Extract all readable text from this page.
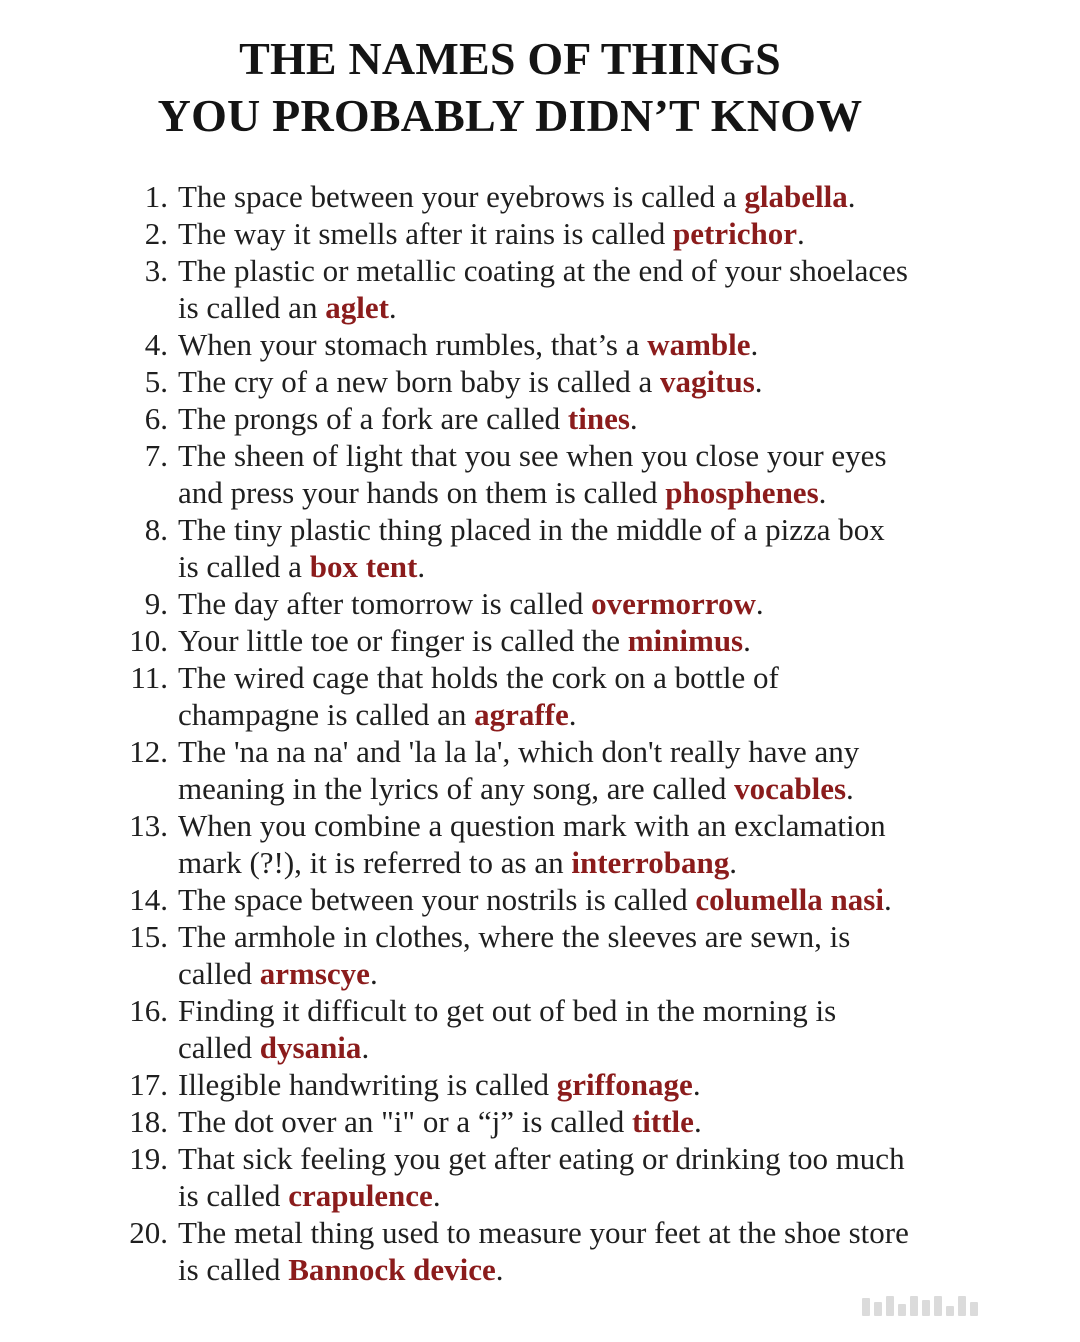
THE NAMES OF THINGS
YOU PROBABLY DIDN’T KNOW
1. The space between your eyebrows is called a glabella.
2. The way it smells after it rains is called petrichor.
3. The plastic or metallic coating at the end of your shoelaces
is called an aglet.
4. When your stomach rumbles, that’s a wamble.
5. The cry of a new born baby is called a vagitus.
6. The prongs of a fork are called tines.
7. The sheen of light that you see when you close your eyes
and press your hands on them is called phosphenes.
8. The tiny plastic thing placed in the middle of a pizza box
is called a box tent.
9. The day after tomorrow is called overmorrow.
10. Your little toe or finger is called the minimus.
11. The wired cage that holds the cork on a bottle of
champagne is called an agraffe.
12. The 'na na na' and 'la la la', which don't really have any
meaning in the lyrics of any song, are called vocables.
13. When you combine a question mark with an exclamation
mark (?!), it is referred to as an interrobang.
14. The space between your nostrils is called columella nasi.
15. The armhole in clothes, where the sleeves are sewn, is
called armscye.
16. Finding it difficult to get out of bed in the morning is
called dysania.
17. Illegible handwriting is called griffonage.
18. The dot over an "i" or a “j” is called tittle.
19. That sick feeling you get after eating or drinking too much
is called crapulence.
20. The metal thing used to measure your feet at the shoe store
is called Bannock device.
